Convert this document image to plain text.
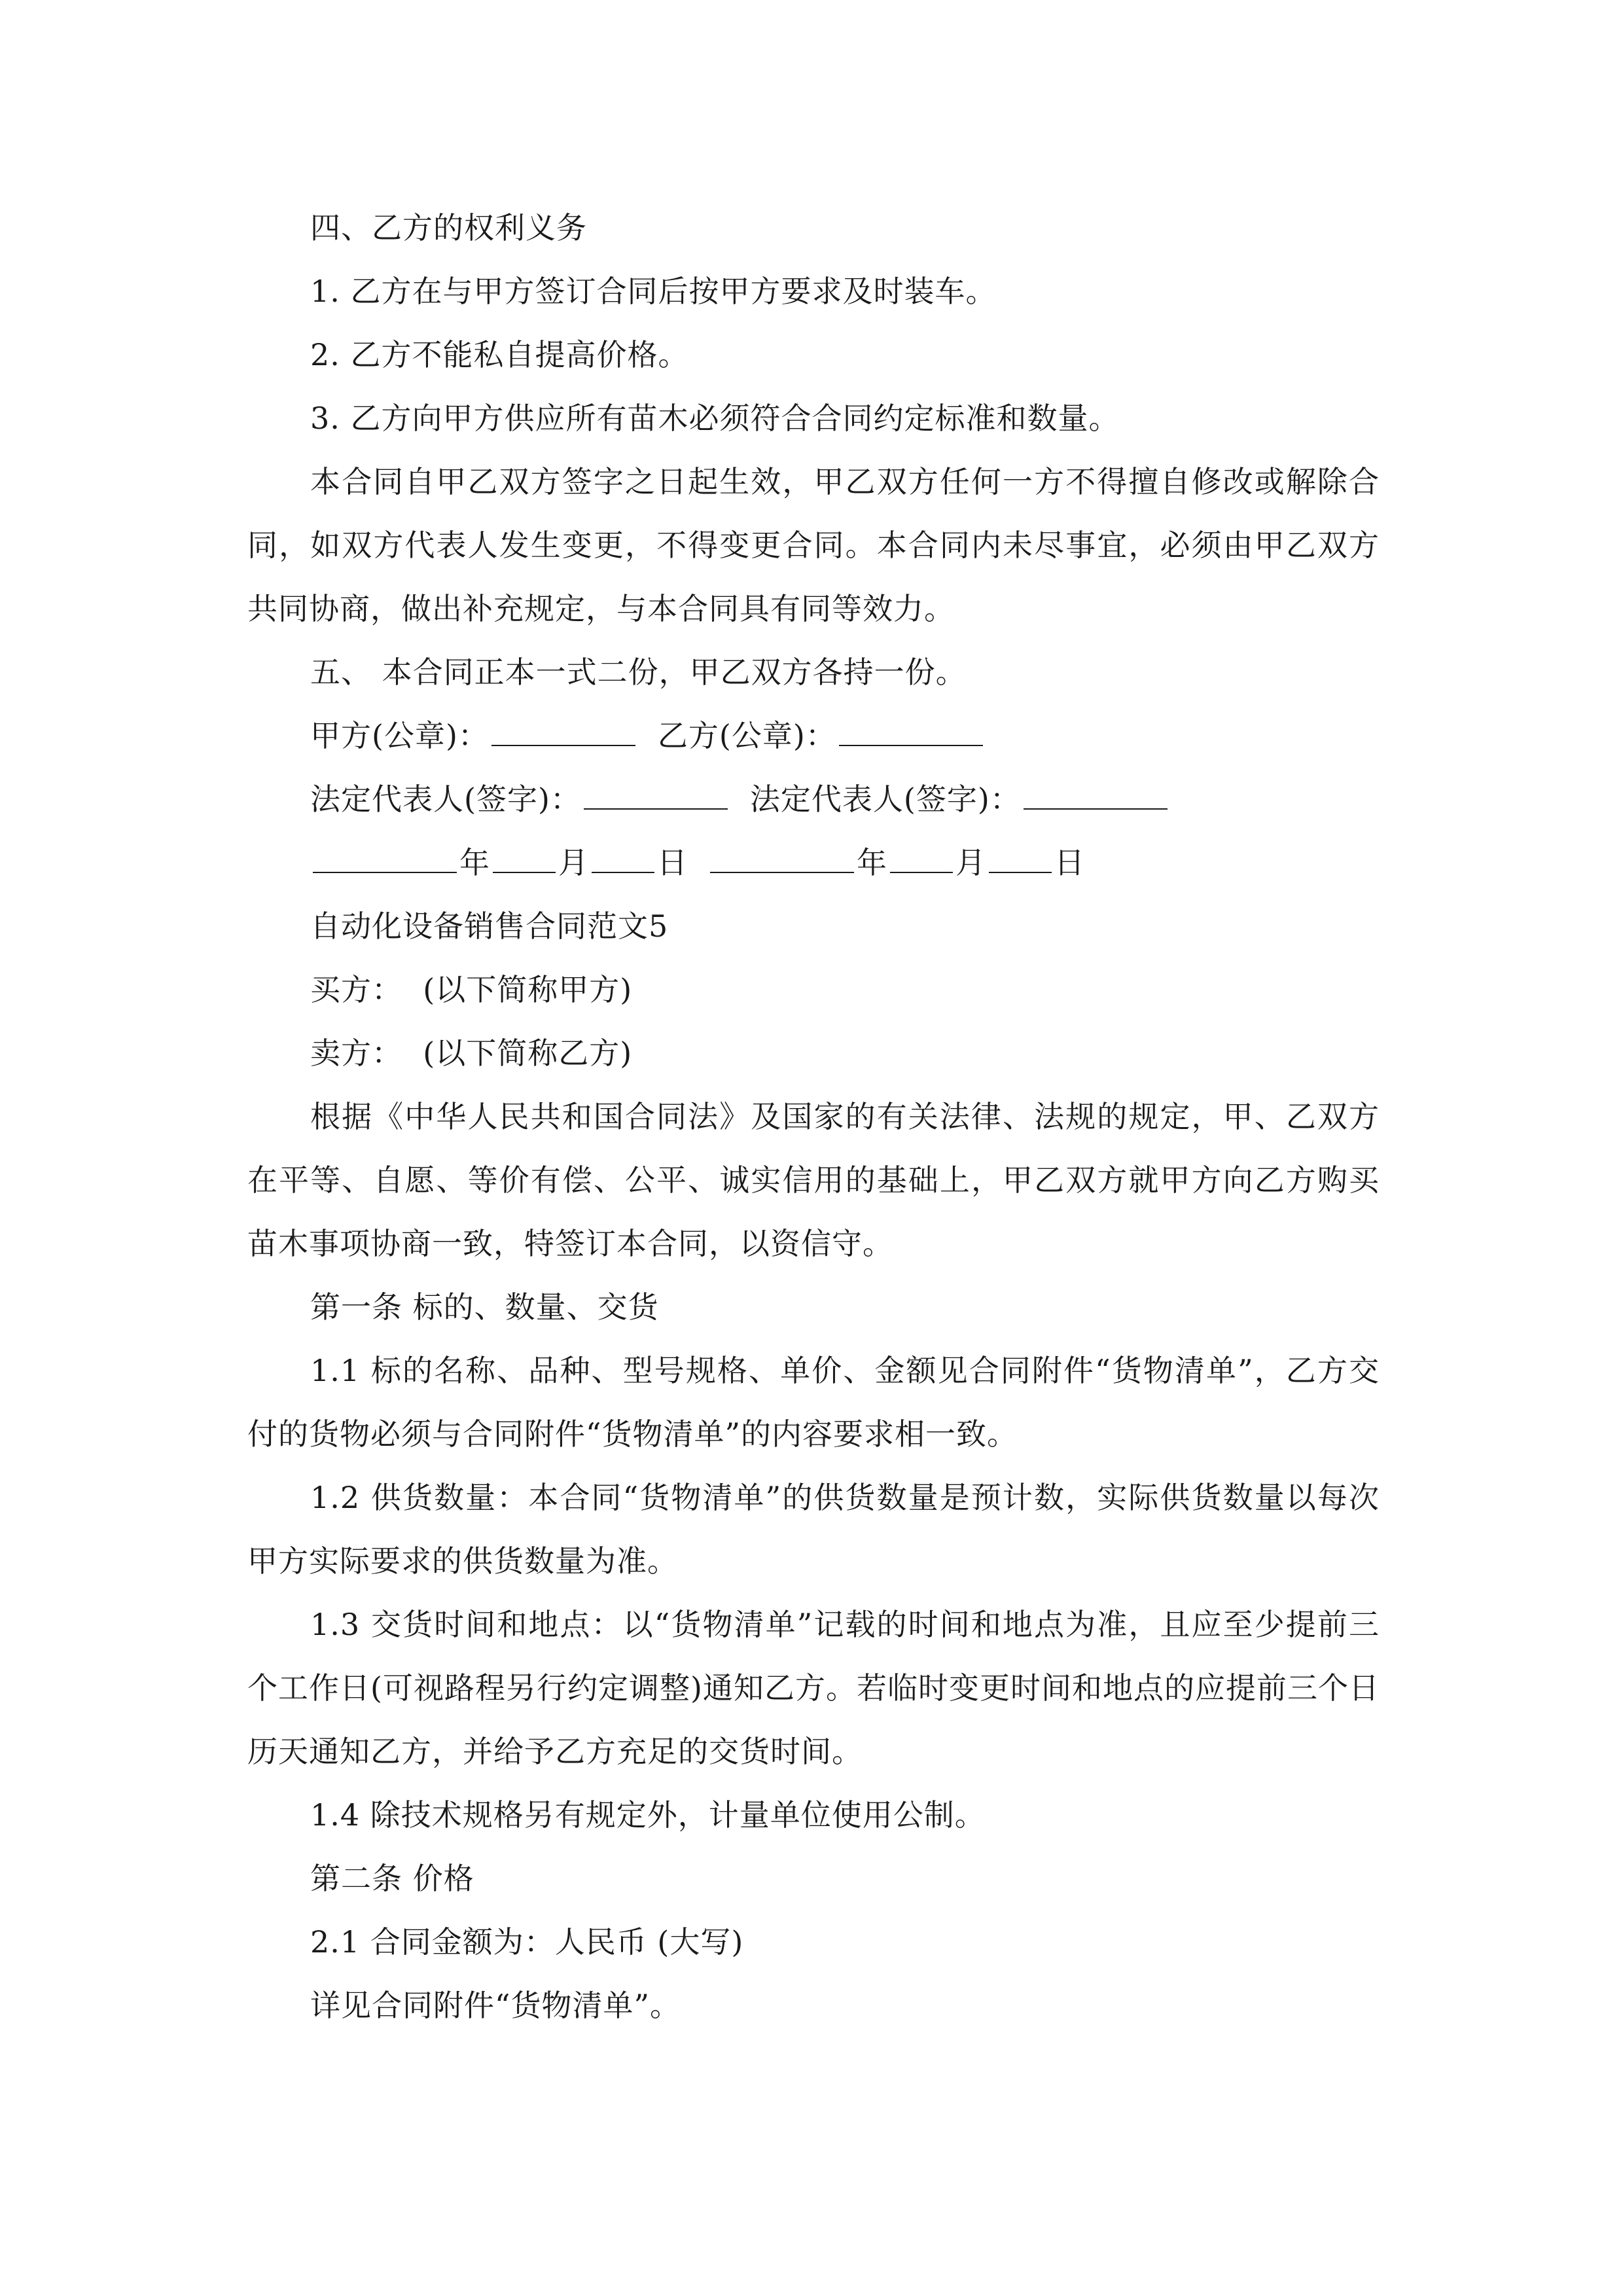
四、乙方的权利义务
1. 乙方在与甲方签订合同后按甲方要求及时装车。
2. 乙方不能私自提高价格。
3. 乙方向甲方供应所有苗木必须符合合同约定标准和数量。
本合同自甲乙双方签字之日起生效，甲乙双方任何一方不得擅自修改或解除合同，如双方代表人发生变更，不得变更合同。本合同内未尽事宜，必须由甲乙双方共同协商，做出补充规定，与本合同具有同等效力。
五、 本合同正本一式二份，甲乙双方各持一份。
甲方(公章)：	乙方(公章)：
法定代表人(签字)：	法定代表人(签字)：
年 月 日	年 月 日
自动化设备销售合同范文5
买方：  (以下简称甲方)
卖方：  (以下简称乙方)
根据《中华人民共和国合同法》及国家的有关法律、法规的规定，甲、乙双方在平等、自愿、等价有偿、公平、诚实信用的基础上，甲乙双方就甲方向乙方购买苗木事项协商一致，特签订本合同，以资信守。
第一条 标的、数量、交货
1.1 标的名称、品种、型号规格、单价、金额见合同附件“货物清单”，乙方交付的货物必须与合同附件“货物清单”的内容要求相一致。
1.2 供货数量：本合同“货物清单”的供货数量是预计数，实际供货数量以每次甲方实际要求的供货数量为准。
1.3 交货时间和地点：以“货物清单”记载的时间和地点为准，且应至少提前三个工作日(可视路程另行约定调整)通知乙方。若临时变更时间和地点的应提前三个日历天通知乙方，并给予乙方充足的交货时间。
1.4 除技术规格另有规定外，计量单位使用公制。
第二条 价格
2.1 合同金额为：人民币 (大写)
详见合同附件“货物清单”。
